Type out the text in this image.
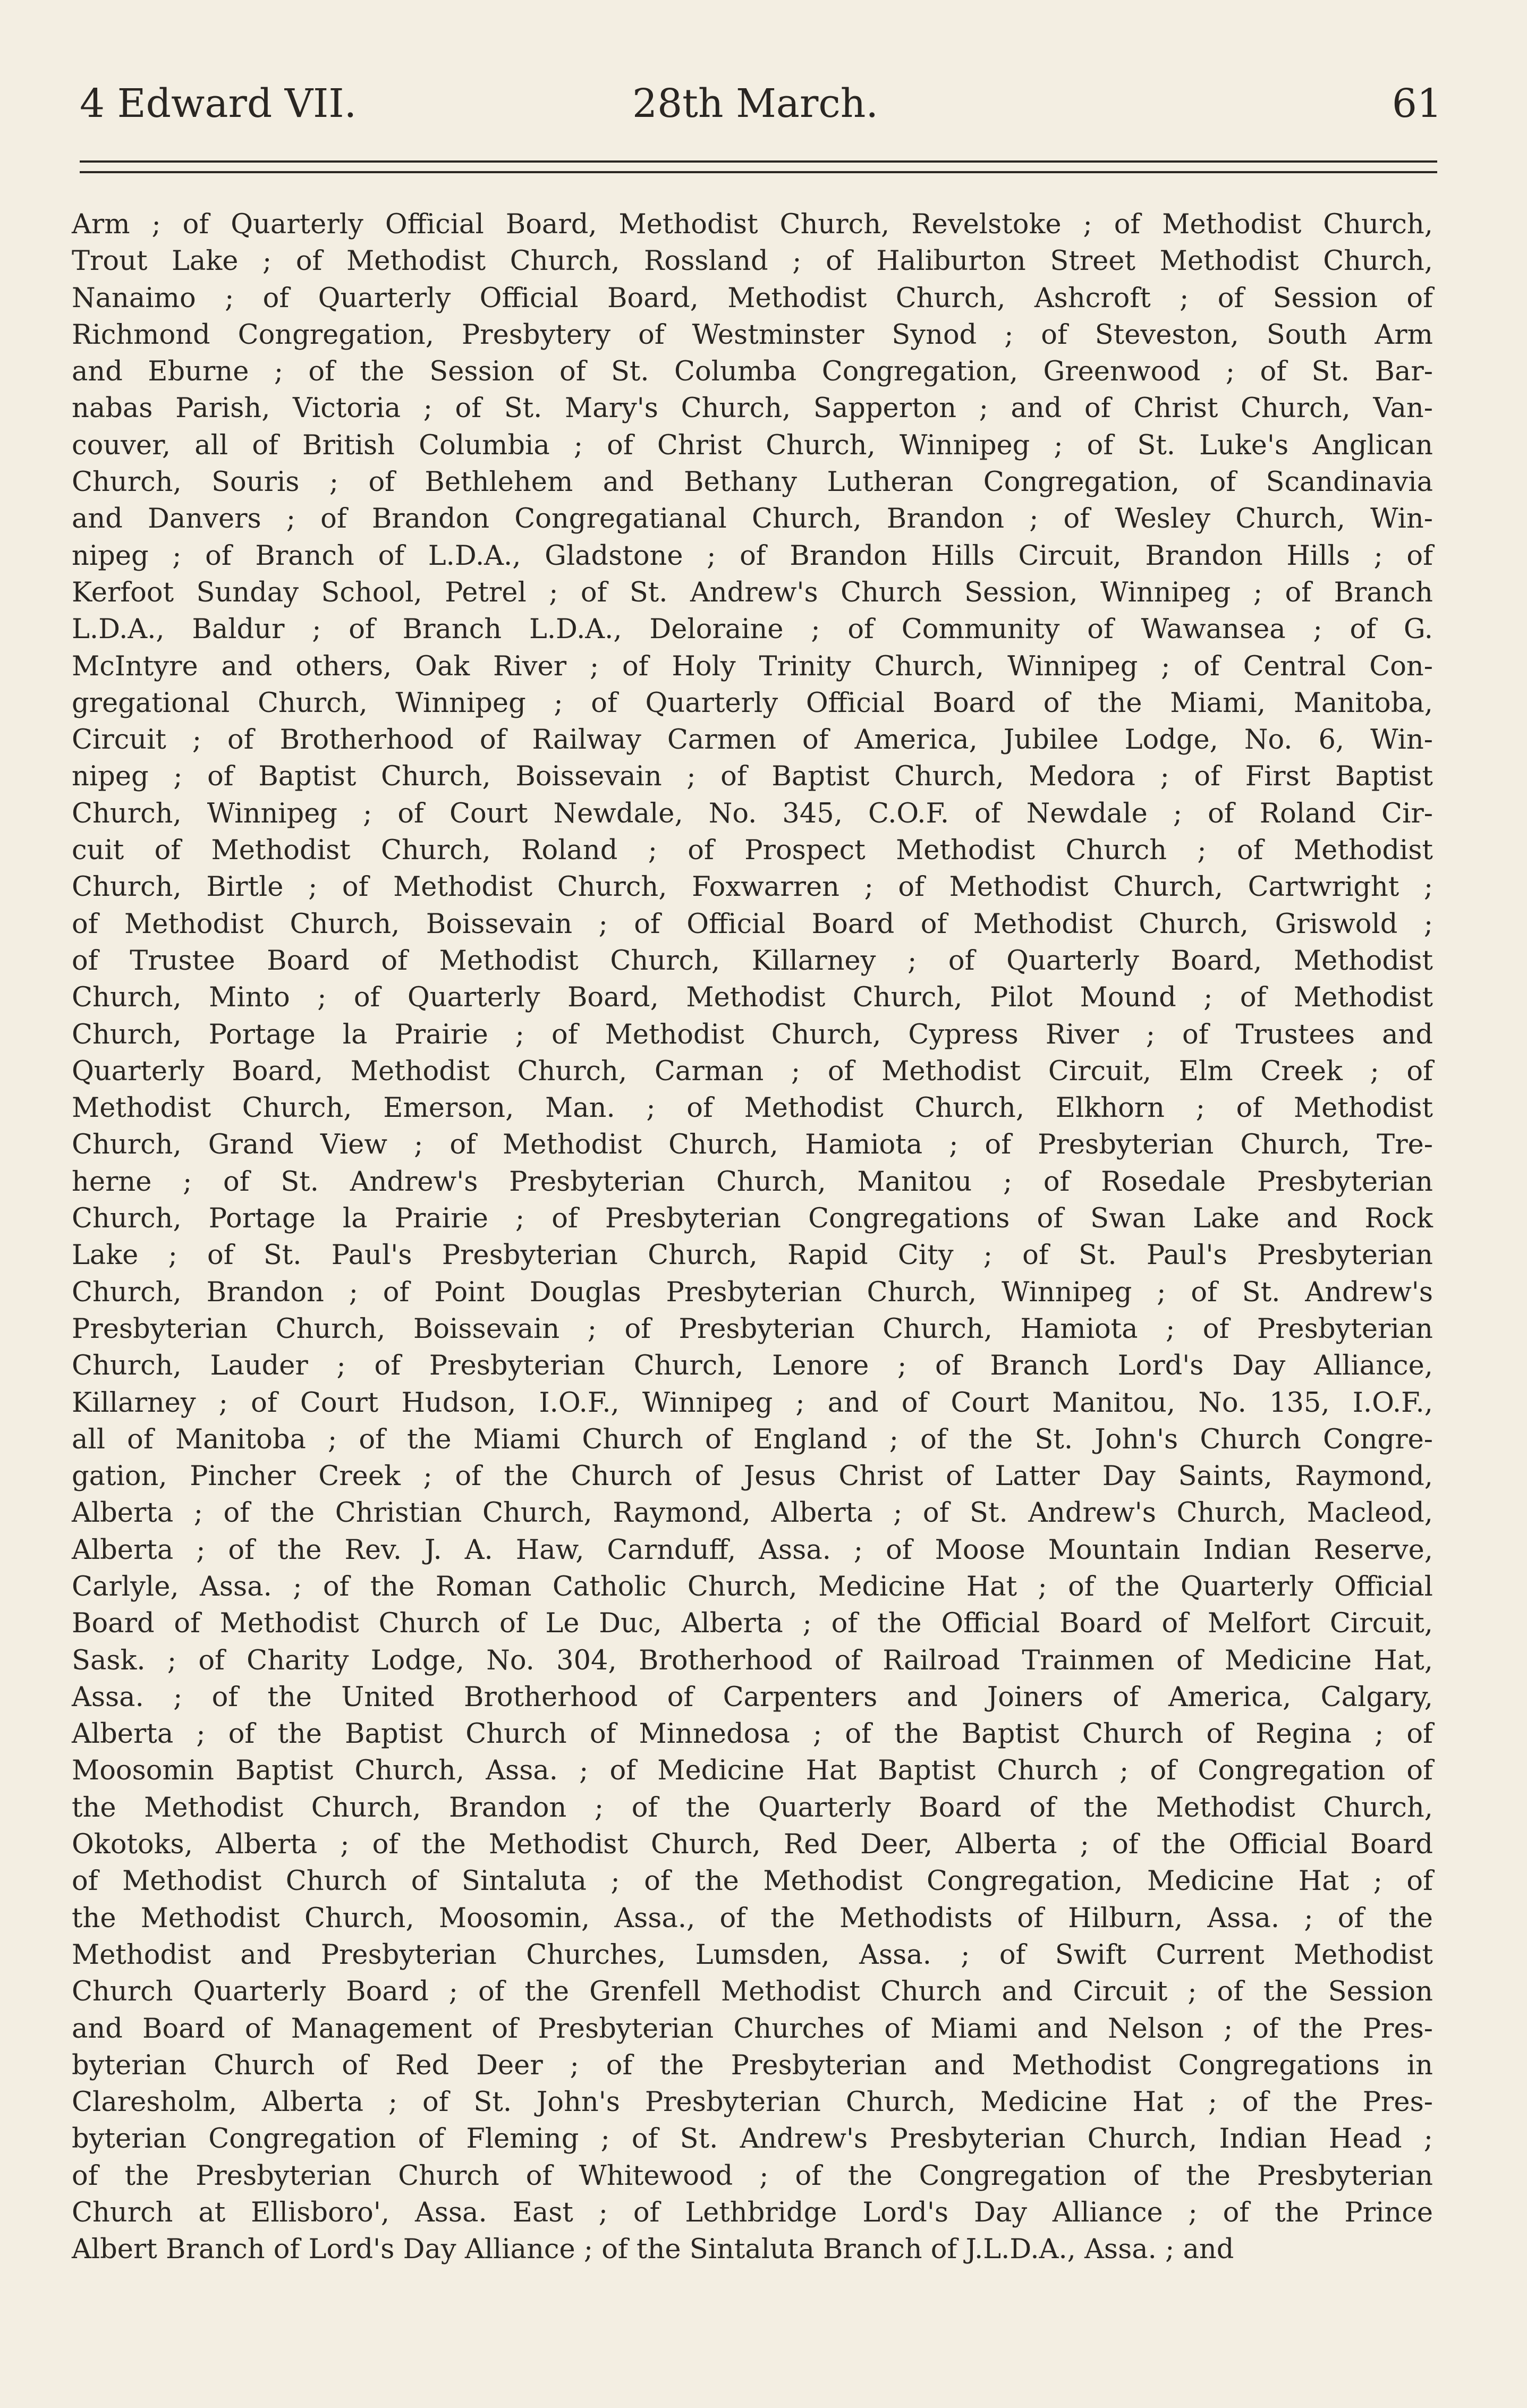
4 Edward VII.	28th March.	61
Arm ; of Quarterly Official Board, Methodist Church, Revelstoke ; of Methodist Church,
Trout Lake ; of Methodist Church, Rossland ; of Haliburton Street Methodist Church,
Nanaimo ; of Quarterly Official Board, Methodist Church, Ashcroft ; of Session of
Richmond Congregation, Presbytery of Westminster Synod ; of Steveston, South Arm
and Eburne ; of the Session of St. Columba Congregation, Greenwood ; of St. Bar-
nabas Parish, Victoria ; of St. Mary's Church, Sapperton ; and of Christ Church, Van-
couver, all of British Columbia ; of Christ Church, Winnipeg ; of St. Luke's Anglican
Church, Souris ; of Bethlehem and Bethany Lutheran Congregation, of Scandinavia
and Danvers ; of Brandon Congregatianal Church, Brandon ; of Wesley Church, Win-
nipeg ; of Branch of L.D.A., Gladstone ; of Brandon Hills Circuit, Brandon Hills ; of
Kerfoot Sunday School, Petrel ; of St. Andrew's Church Session, Winnipeg ; of Branch
L.D.A., Baldur ; of Branch L.D.A., Deloraine ; of Community of Wawansea ; of G.
McIntyre and others, Oak River ; of Holy Trinity Church, Winnipeg ; of Central Con-
gregational Church, Winnipeg ; of Quarterly Official Board of the Miami, Manitoba,
Circuit ; of Brotherhood of Railway Carmen of America, Jubilee Lodge, No. 6, Win-
nipeg ; of Baptist Church, Boissevain ; of Baptist Church, Medora ; of First Baptist
Church, Winnipeg ; of Court Newdale, No. 345, C.O.F. of Newdale ; of Roland Cir-
cuit of Methodist Church, Roland ; of Prospect Methodist Church ; of Methodist
Church, Birtle ; of Methodist Church, Foxwarren ; of Methodist Church, Cartwright ;
of Methodist Church, Boissevain ; of Official Board of Methodist Church, Griswold ;
of Trustee Board of Methodist Church, Killarney ; of Quarterly Board, Methodist
Church, Minto ; of Quarterly Board, Methodist Church, Pilot Mound ; of Methodist
Church, Portage la Prairie ; of Methodist Church, Cypress River ; of Trustees and
Quarterly Board, Methodist Church, Carman ; of Methodist Circuit, Elm Creek ; of
Methodist Church, Emerson, Man. ; of Methodist Church, Elkhorn ; of Methodist
Church, Grand View ; of Methodist Church, Hamiota ; of Presbyterian Church, Tre-
herne ; of St. Andrew's Presbyterian Church, Manitou ; of Rosedale Presbyterian
Church, Portage la Prairie ; of Presbyterian Congregations of Swan Lake and Rock
Lake ; of St. Paul's Presbyterian Church, Rapid City ; of St. Paul's Presbyterian
Church, Brandon ; of Point Douglas Presbyterian Church, Winnipeg ; of St. Andrew's
Presbyterian Church, Boissevain ; of Presbyterian Church, Hamiota ; of Presbyterian
Church, Lauder ; of Presbyterian Church, Lenore ; of Branch Lord's Day Alliance,
Killarney ; of Court Hudson, I.O.F., Winnipeg ; and of Court Manitou, No. 135, I.O.F.,
all of Manitoba ; of the Miami Church of England ; of the St. John's Church Congre-
gation, Pincher Creek ; of the Church of Jesus Christ of Latter Day Saints, Raymond,
Alberta ; of the Christian Church, Raymond, Alberta ; of St. Andrew's Church, Macleod,
Alberta ; of the Rev. J. A. Haw, Carnduff, Assa. ; of Moose Mountain Indian Reserve,
Carlyle, Assa. ; of the Roman Catholic Church, Medicine Hat ; of the Quarterly Official
Board of Methodist Church of Le Duc, Alberta ; of the Official Board of Melfort Circuit,
Sask. ; of Charity Lodge, No. 304, Brotherhood of Railroad Trainmen of Medicine Hat,
Assa. ; of the United Brotherhood of Carpenters and Joiners of America, Calgary,
Alberta ; of the Baptist Church of Minnedosa ; of the Baptist Church of Regina ; of
Moosomin Baptist Church, Assa. ; of Medicine Hat Baptist Church ; of Congregation of
the Methodist Church, Brandon ; of the Quarterly Board of the Methodist Church,
Okotoks, Alberta ; of the Methodist Church, Red Deer, Alberta ; of the Official Board
of Methodist Church of Sintaluta ; of the Methodist Congregation, Medicine Hat ; of
the Methodist Church, Moosomin, Assa., of the Methodists of Hilburn, Assa. ; of the
Methodist and Presbyterian Churches, Lumsden, Assa. ; of Swift Current Methodist
Church Quarterly Board ; of the Grenfell Methodist Church and Circuit ; of the Session
and Board of Management of Presbyterian Churches of Miami and Nelson ; of the Pres-
byterian Church of Red Deer ; of the Presbyterian and Methodist Congregations in
Claresholm, Alberta ; of St. John's Presbyterian Church, Medicine Hat ; of the Pres-
byterian Congregation of Fleming ; of St. Andrew's Presbyterian Church, Indian Head ;
of the Presbyterian Church of Whitewood ; of the Congregation of the Presbyterian
Church at Ellisboro', Assa. East ; of Lethbridge Lord's Day Alliance ; of the Prince
Albert Branch of Lord's Day Alliance ; of the Sintaluta Branch of J.L.D.A., Assa. ; and
